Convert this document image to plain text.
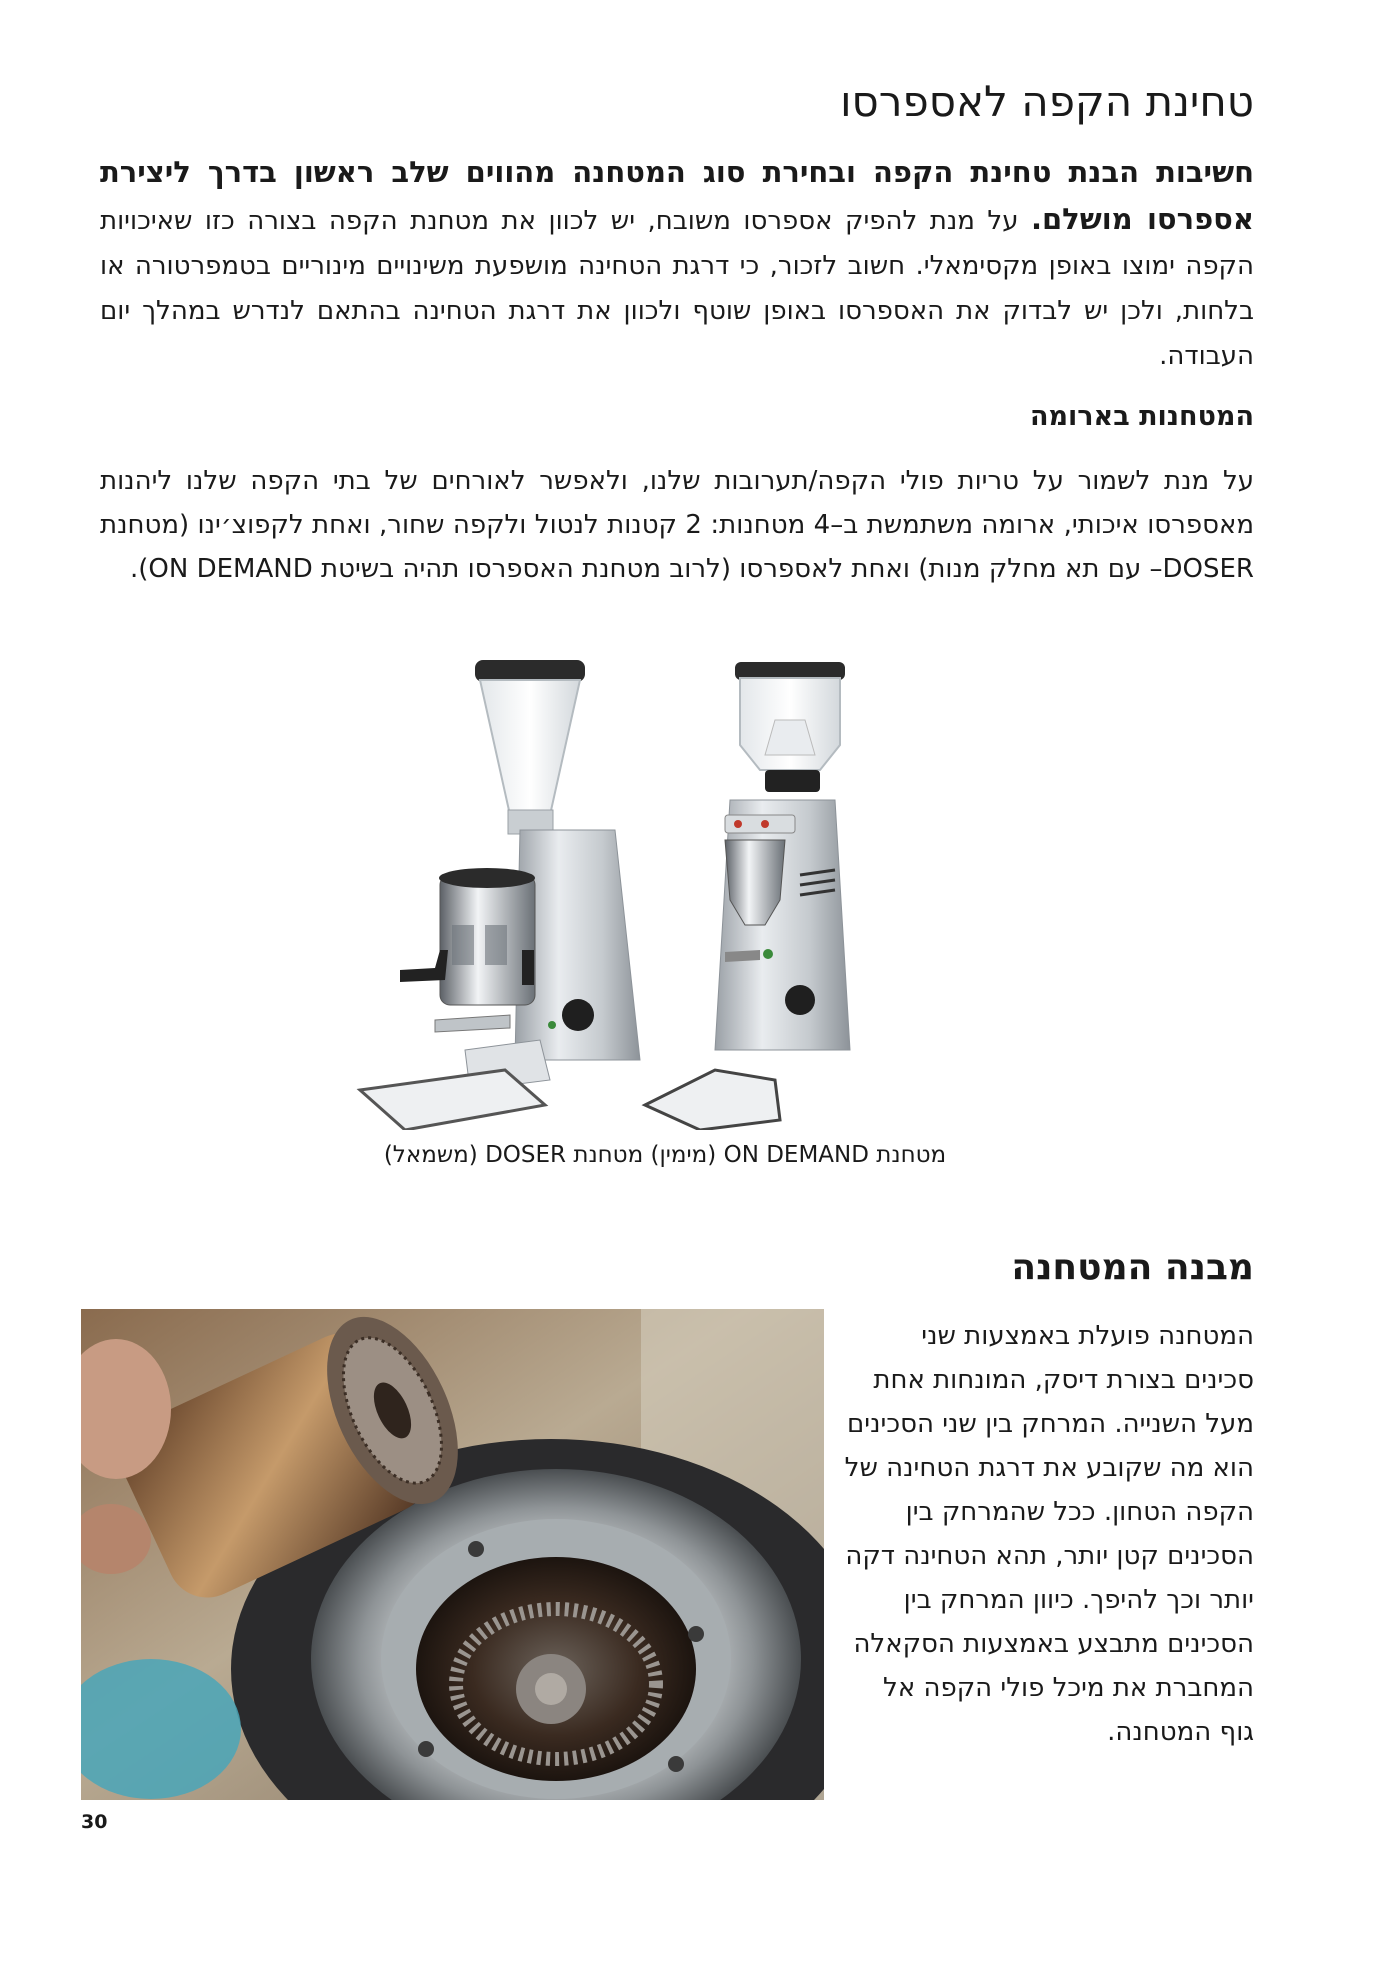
טחינת הקפה לאספרסו

חשיבות הבנת טחינת הקפה ובחירת סוג המטחנה מהווים שלב ראשון בדרך ליצירת אספרסו מושלם. על מנת להפיק אספרסו משובח, יש לכוון את מטחנת הקפה בצורה כזו שאיכויות הקפה ימוצו באופן מקסימאלי. חשוב לזכור, כי דרגת הטחינה מושפעת משינויים מינוריים בטמפרטורה או בלחות, ולכן יש לבדוק את האספרסו באופן שוטף ולכוון את דרגת הטחינה בהתאם לנדרש במהלך יום העבודה.

המטחנות בארומה

על מנת לשמור על טריות פולי הקפה/תערובות שלנו, ולאפשר לאורחים של בתי הקפה שלנו ליהנות מאספרסו איכותי, ארומה משתמשת ב–4 מטחנות: 2 קטנות לנטול ולקפה שחור, ואחת לקפוצ׳ינו (מטחנת DOSER– עם תא מחלק מנות) ואחת לאספרסו (לרוב מטחנת האספרסו תהיה בשיטת ON DEMAND).

מטחנת ON DEMAND (מימין) מטחנת DOSER (משמאל)

מבנה המטחנה

המטחנה פועלת באמצעות שני סכינים בצורת דיסק, המונחות אחת מעל השנייה. המרחק בין שני הסכינים הוא מה שקובע את דרגת הטחינה של הקפה הטחון. ככל שהמרחק בין הסכינים קטן יותר, תהא הטחינה דקה יותר וכך להיפך. כיוון המרחק בין הסכינים מתבצע באמצעות הסקאלה המחברת את מיכל פולי הקפה אל גוף המטחנה.

30
